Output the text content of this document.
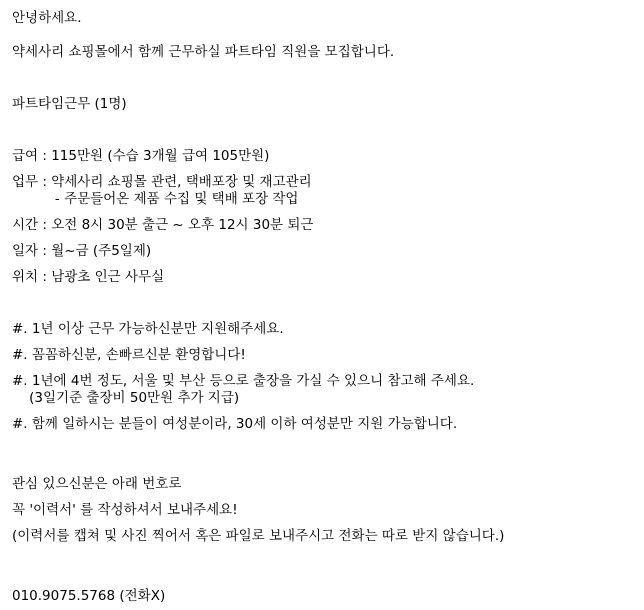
안녕하세요.
약세사리 쇼핑몰에서 함께 근무하실 파트타임 직원을 모집합니다.
파트타임근무 (1명)
급여 : 115만원 (수습 3개월 급여 105만원)
업무 : 약세사리 쇼핑몰 관련, 택배포장 및 재고관리
- 주문들어온 제품 수집 및 택배 포장 작업
시간 : 오전 8시 30분 출근 ~ 오후 12시 30분 퇴근
일자 : 월~금 (주5일제)
위치 : 남광초 인근 사무실
#. 1년 이상 근무 가능하신분만 지원해주세요.
#. 꼼꼼하신분, 손빠르신분 환영합니다!
#. 1년에 4번 정도, 서울 및 부산 등으로 출장을 가실 수 있으니 참고해 주세요.
(3일기준 출장비 50만원 추가 지급)
#. 함께 일하시는 분들이 여성분이라, 30세 이하 여성분만 지원 가능합니다.
관심 있으신분은 아래 번호로
꼭 '이력서' 를 작성하셔서 보내주세요!
(이력서를 캡쳐 및 사진 찍어서 혹은 파일로 보내주시고 전화는 따로 받지 않습니다.)
010.9075.5768 (전화X)
